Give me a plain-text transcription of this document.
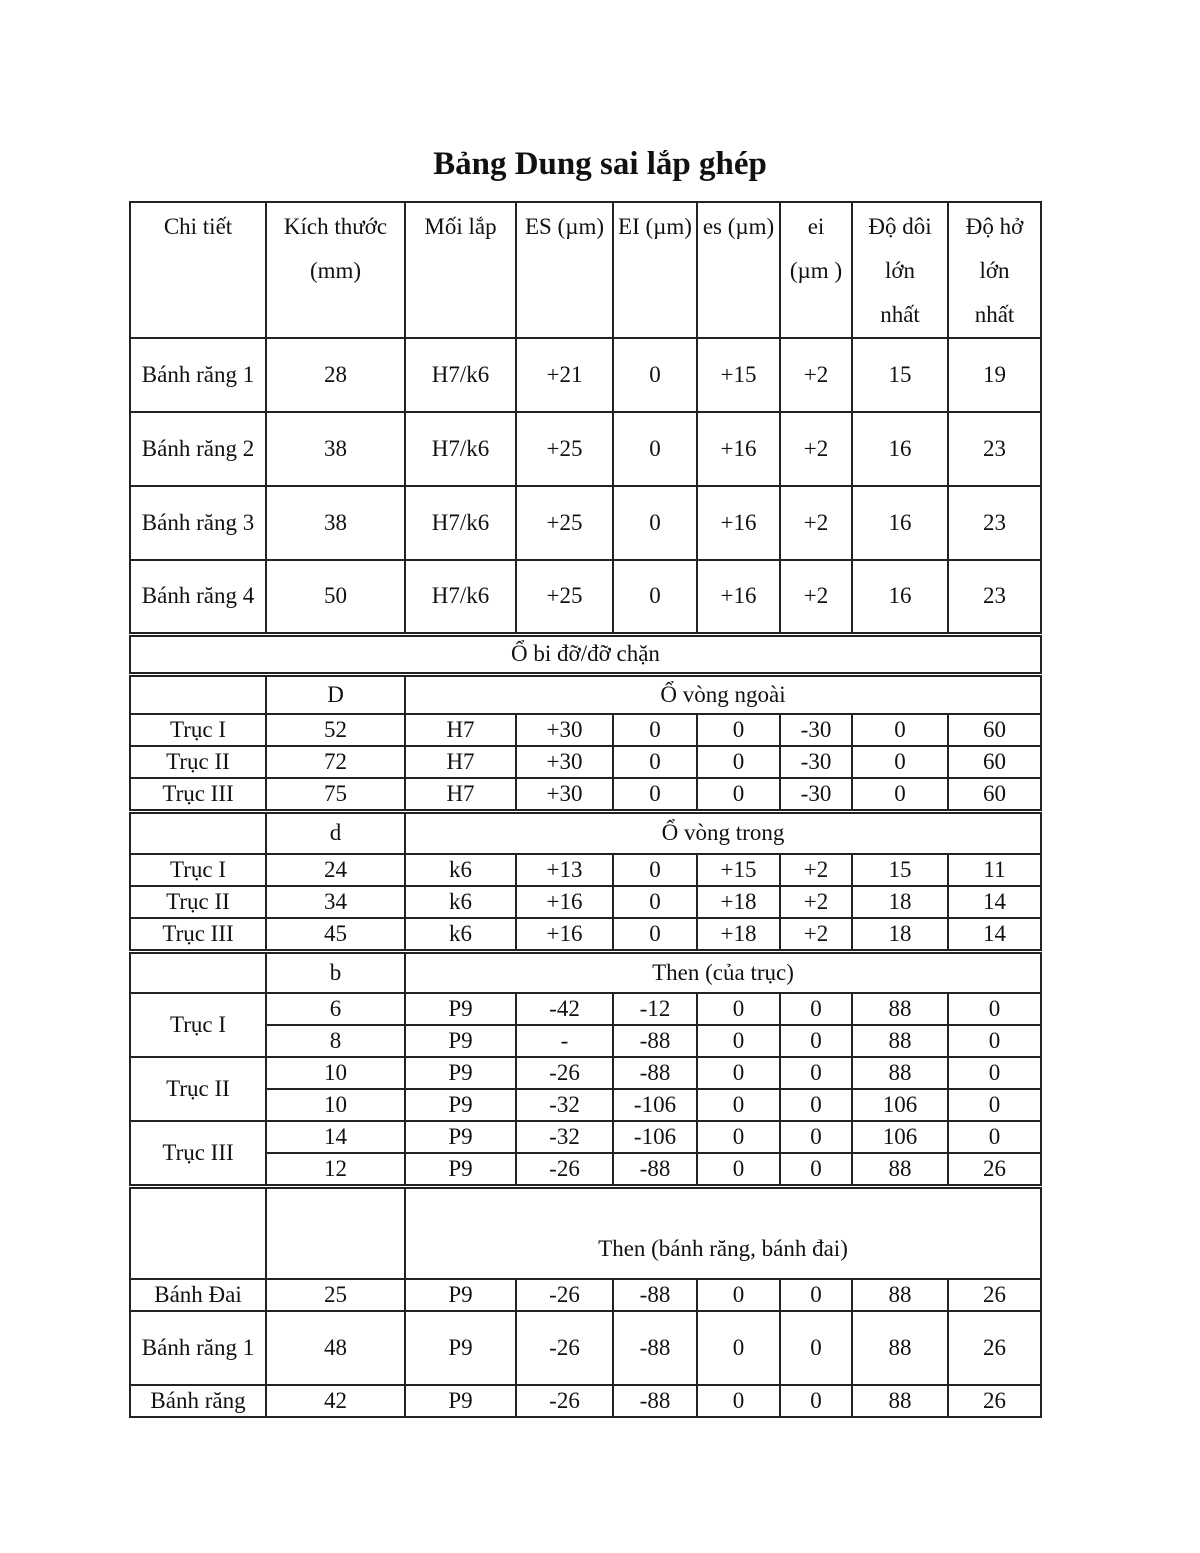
Bảng Dung sai lắp ghép
Chi tiết	Kích thước (mm)	Mối lắp	ES (µm)	EI (µm)	es (µm)	ei (µm )	Độ dôi lớn nhất	Độ hở lớn nhất
Bánh răng 1	28	H7/k6	+21	0	+15	+2	15	19
Bánh răng 2	38	H7/k6	+25	0	+16	+2	16	23
Bánh răng 3	38	H7/k6	+25	0	+16	+2	16	23
Bánh răng 4	50	H7/k6	+25	0	+16	+2	16	23
Ổ bi đỡ/đỡ chặn								
	D	Ổ vòng ngoài						
Trục I	52	H7	+30	0	0	-30	0	60
Trục II	72	H7	+30	0	0	-30	0	60
Trục III	75	H7	+30	0	0	-30	0	60
	d	Ổ vòng trong						
Trục I	24	k6	+13	0	+15	+2	15	11
Trục II	34	k6	+16	0	+18	+2	18	14
Trục III	45	k6	+16	0	+18	+2	18	14
	b	Then (của trục)						
Trục I	6	P9	-42	-12	0	0	88	0
	8	P9	-	-88	0	0	88	0
Trục II	10	P9	-26	-88	0	0	88	0
	10	P9	-32	-106	0	0	106	0
Trục III	14	P9	-32	-106	0	0	106	0
	12	P9	-26	-88	0	0	88	26
		Then (bánh răng, bánh đai)						
Bánh Đai	25	P9	-26	-88	0	0	88	26
Bánh răng 1	48	P9	-26	-88	0	0	88	26
Bánh răng	42	P9	-26	-88	0	0	88	26
